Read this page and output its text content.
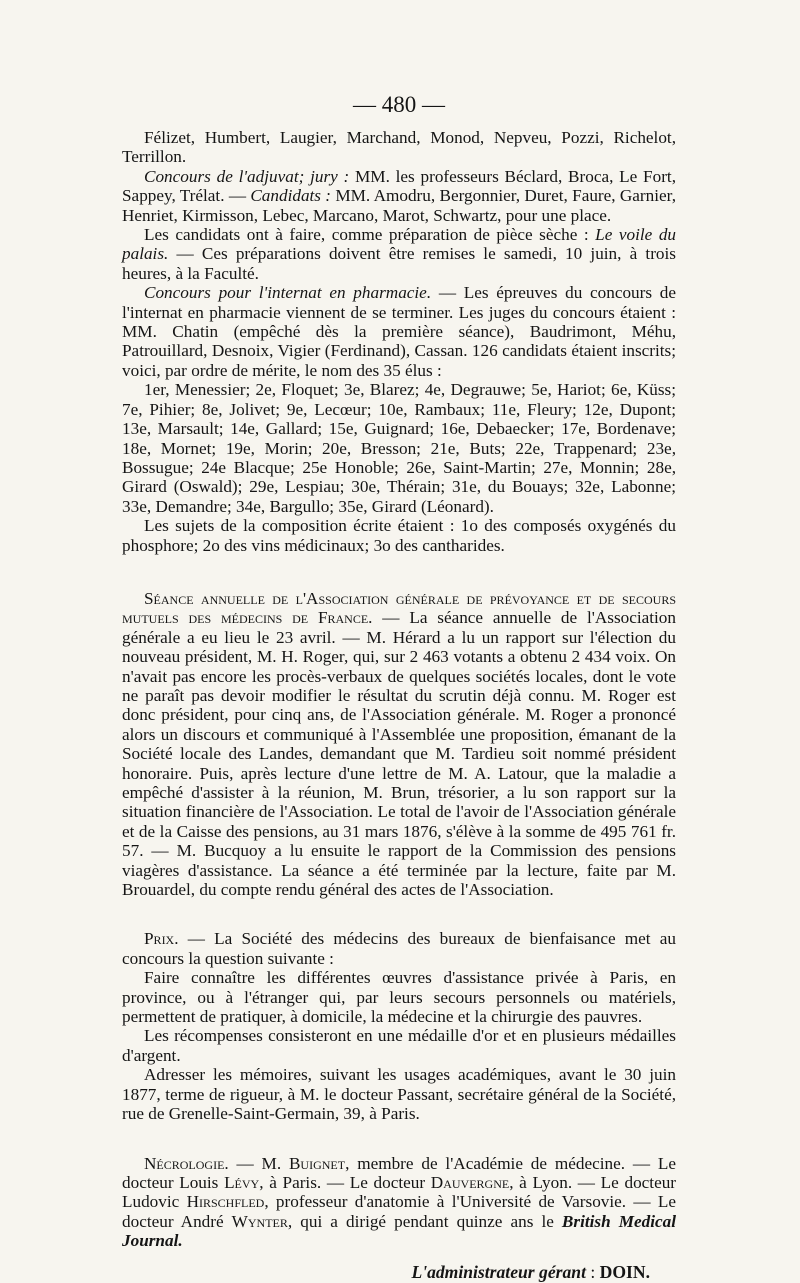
— 480 —

Félizet, Humbert, Laugier, Marchand, Monod, Nepveu, Pozzi, Richelot, Terrillon.

Concours de l'adjuvat; jury : MM. les professeurs Béclard, Broca, Le Fort, Sappey, Trélat. — Candidats : MM. Amodru, Bergonnier, Duret, Faure, Garnier, Henriet, Kirmisson, Lebec, Marcano, Marot, Schwartz, pour une place.

Les candidats ont à faire, comme préparation de pièce sèche : Le voile du palais. — Ces préparations doivent être remises le samedi, 10 juin, à trois heures, à la Faculté.

Concours pour l'internat en pharmacie. — Les épreuves du concours de l'internat en pharmacie viennent de se terminer. Les juges du concours étaient : MM. Chatin (empêché dès la première séance), Baudrimont, Méhu, Patrouillard, Desnoix, Vigier (Ferdinand), Cassan. 126 candidats étaient inscrits; voici, par ordre de mérite, le nom des 35 élus :

1er, Menessier; 2e, Floquet; 3e, Blarez; 4e, Degrauwe; 5e, Hariot; 6e, Küss; 7e, Pihier; 8e, Jolivet; 9e, Lecœur; 10e, Rambaux; 11e, Fleury; 12e, Dupont; 13e, Marsault; 14e, Gallard; 15e, Guignard; 16e, Debaecker; 17e, Bordenave; 18e, Mornet; 19e, Morin; 20e, Bresson; 21e, Buts; 22e, Trappenard; 23e, Bossugue; 24e Blacque; 25e Honoble; 26e, Saint-Martin; 27e, Monnin; 28e, Girard (Oswald); 29e, Lespiau; 30e, Thérain; 31e, du Bouays; 32e, Labonne; 33e, Demandre; 34e, Bargullo; 35e, Girard (Léonard).

Les sujets de la composition écrite étaient : 1o des composés oxygénés du phosphore; 2o des vins médicinaux; 3o des cantharides.

Séance annuelle de l'Association générale de prévoyance et de secours mutuels des médecins de France. — La séance annuelle de l'Association générale a eu lieu le 23 avril. — M. Hérard a lu un rapport sur l'élection du nouveau président, M. H. Roger, qui, sur 2 463 votants a obtenu 2 434 voix. On n'avait pas encore les procès-verbaux de quelques sociétés locales, dont le vote ne paraît pas devoir modifier le résultat du scrutin déjà connu. M. Roger est donc président, pour cinq ans, de l'Association générale. M. Roger a prononcé alors un discours et communiqué à l'Assemblée une proposition, émanant de la Société locale des Landes, demandant que M. Tardieu soit nommé président honoraire. Puis, après lecture d'une lettre de M. A. Latour, que la maladie a empêché d'assister à la réunion, M. Brun, trésorier, a lu son rapport sur la situation financière de l'Association. Le total de l'avoir de l'Association générale et de la Caisse des pensions, au 31 mars 1876, s'élève à la somme de 495 761 fr. 57. — M. Bucquoy a lu ensuite le rapport de la Commission des pensions viagères d'assistance. La séance a été terminée par la lecture, faite par M. Brouardel, du compte rendu général des actes de l'Association.

Prix. — La Société des médecins des bureaux de bienfaisance met au concours la question suivante :

Faire connaître les différentes œuvres d'assistance privée à Paris, en province, ou à l'étranger qui, par leurs secours personnels ou matériels, permettent de pratiquer, à domicile, la médecine et la chirurgie des pauvres.

Les récompenses consisteront en une médaille d'or et en plusieurs médailles d'argent.

Adresser les mémoires, suivant les usages académiques, avant le 30 juin 1877, terme de rigueur, à M. le docteur Passant, secrétaire général de la Société, rue de Grenelle-Saint-Germain, 39, à Paris.

Nécrologie. — M. Buignet, membre de l'Académie de médecine. — Le docteur Louis Lévy, à Paris. — Le docteur Dauvergne, à Lyon. — Le docteur Ludovic Hirschfled, professeur d'anatomie à l'Université de Varsovie. — Le docteur André Wynter, qui a dirigé pendant quinze ans le British Medical Journal.

L'administrateur gérant : DOIN.
